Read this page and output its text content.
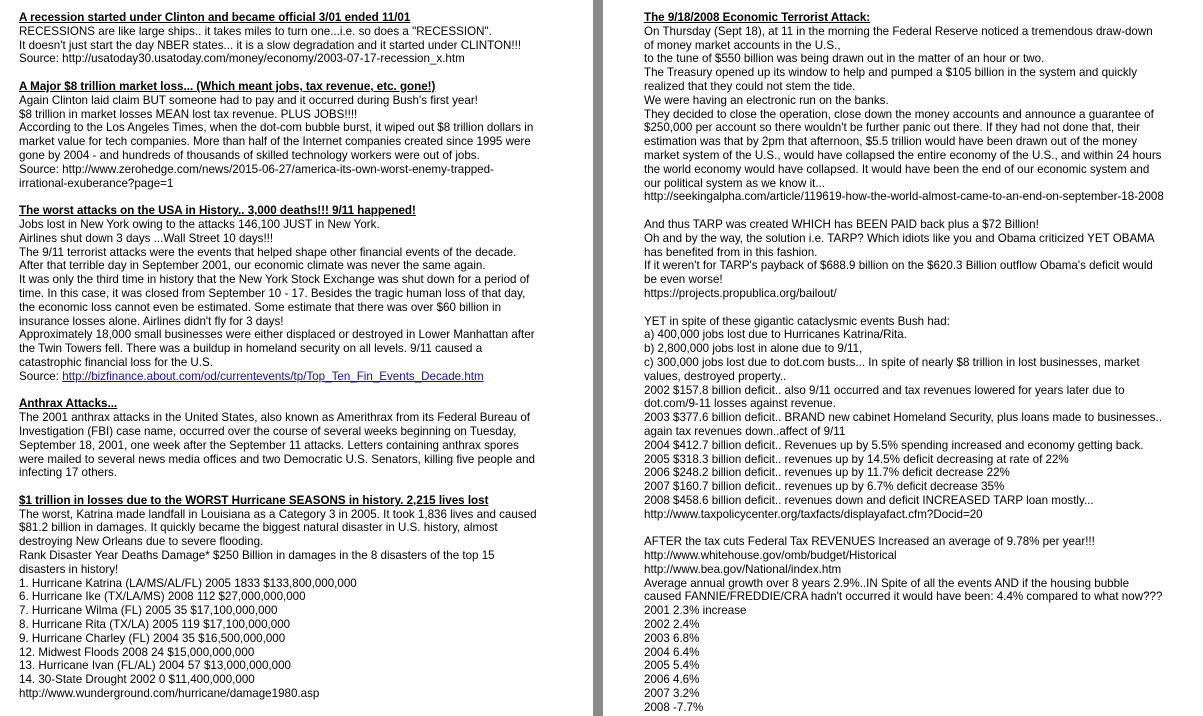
A recession started under Clinton and became official 3/01 ended 11/01
RECESSIONS are like large ships.. it takes miles to turn one...i.e. so does a "RECESSION".
It doesn't just start the day NBER states... it is a slow degradation and it started under CLINTON!!!
Source: http://usatoday30.usatoday.com/money/economy/2003-07-17-recession_x.htm
A Major $8 trillion market loss... (Which meant jobs, tax revenue, etc. gone!)
Again Clinton laid claim BUT someone had to pay and it occurred during Bush's first year!
$8 trillion in market losses MEAN lost tax revenue. PLUS JOBS!!!!
According to the Los Angeles Times, when the dot-com bubble burst, it wiped out $8 trillion dollars in
market value for tech companies. More than half of the Internet companies created since 1995 were
gone by 2004 - and hundreds of thousands of skilled technology workers were out of jobs.
Source: http://www.zerohedge.com/news/2015-06-27/america-its-own-worst-enemy-trapped-
irrational-exuberance?page=1
The worst attacks on the USA in History.. 3,000 deaths!!! 9/11 happened!
Jobs lost in New York owing to the attacks 146,100 JUST in New York.
Airlines shut down 3 days ...Wall Street 10 days!!!
The 9/11 terrorist attacks were the events that helped shape other financial events of the decade.
After that terrible day in September 2001, our economic climate was never the same again.
It was only the third time in history that the New York Stock Exchange was shut down for a period of
time. In this case, it was closed from September 10 - 17. Besides the tragic human loss of that day,
the economic loss cannot even be estimated. Some estimate that there was over $60 billion in
insurance losses alone. Airlines didn't fly for 3 days!
Approximately 18,000 small businesses were either displaced or destroyed in Lower Manhattan after
the Twin Towers fell. There was a buildup in homeland security on all levels. 9/11 caused a
catastrophic financial loss for the U.S.
Source: http://bizfinance.about.com/od/currentevents/tp/Top_Ten_Fin_Events_Decade.htm
Anthrax Attacks...
The 2001 anthrax attacks in the United States, also known as Amerithrax from its Federal Bureau of
Investigation (FBI) case name, occurred over the course of several weeks beginning on Tuesday,
September 18, 2001, one week after the September 11 attacks. Letters containing anthrax spores
were mailed to several news media offices and two Democratic U.S. Senators, killing five people and
infecting 17 others.
$1 trillion in losses due to the WORST Hurricane SEASONS in history. 2,215 lives lost
The worst, Katrina made landfall in Louisiana as a Category 3 in 2005. It took 1,836 lives and caused
$81.2 billion in damages. It quickly became the biggest natural disaster in U.S. history, almost
destroying New Orleans due to severe flooding.
Rank Disaster Year Deaths Damage* $250 Billion in damages in the 8 disasters of the top 15
disasters in history!
1. Hurricane Katrina (LA/MS/AL/FL) 2005 1833 $133,800,000,000
6. Hurricane Ike (TX/LA/MS) 2008 112 $27,000,000,000
7. Hurricane Wilma (FL) 2005 35 $17,100,000,000
8. Hurricane Rita (TX/LA) 2005 119 $17,100,000,000
9. Hurricane Charley (FL) 2004 35 $16,500,000,000
12. Midwest Floods 2008 24 $15,000,000,000
13. Hurricane Ivan (FL/AL) 2004 57 $13,000,000,000
14. 30-State Drought 2002 0 $11,400,000,000
http://www.wunderground.com/hurricane/damage1980.asp
The 9/18/2008 Economic Terrorist Attack:
On Thursday (Sept 18), at 11 in the morning the Federal Reserve noticed a tremendous draw-down
of money market accounts in the U.S.,
to the tune of $550 billion was being drawn out in the matter of an hour or two.
The Treasury opened up its window to help and pumped a $105 billion in the system and quickly
realized that they could not stem the tide.
We were having an electronic run on the banks.
They decided to close the operation, close down the money accounts and announce a guarantee of
$250,000 per account so there wouldn't be further panic out there. If they had not done that, their
estimation was that by 2pm that afternoon, $5.5 trillion would have been drawn out of the money
market system of the U.S., would have collapsed the entire economy of the U.S., and within 24 hours
the world economy would have collapsed. It would have been the end of our economic system and
our political system as we know it...
http://seekingalpha.com/article/119619-how-the-world-almost-came-to-an-end-on-september-18-2008
And thus TARP was created WHICH has BEEN PAID back plus a $72 Billion!
Oh and by the way, the solution i.e. TARP? Which idiots like you and Obama criticized YET OBAMA
has benefited from in this fashion.
If it weren't for TARP's payback of $688.9 billion on the $620.3 Billion outflow Obama's deficit would
be even worse!
https://projects.propublica.org/bailout/
YET in spite of these gigantic cataclysmic events Bush had:
a) 400,000 jobs lost due to Hurricanes Katrina/Rita.
b) 2,800,000 jobs lost in alone due to 9/11,
c) 300,000 jobs lost due to dot.com busts... In spite of nearly $8 trillion in lost businesses, market
values, destroyed property..
2002 $157.8 billion deficit.. also 9/11 occurred and tax revenues lowered for years later due to
dot.com/9-11 losses against revenue.
2003 $377.6 billion deficit.. BRAND new cabinet Homeland Security, plus loans made to businesses..
again tax revenues down..affect of 9/11
2004 $412.7 billion deficit.. Revenues up by 5.5% spending increased and economy getting back.
2005 $318.3 billion deficit.. revenues up by 14.5% deficit decreasing at rate of 22%
2006 $248.2 billion deficit.. revenues up by 11.7% deficit decrease 22%
2007 $160.7 billion deficit.. revenues up by 6.7% deficit decrease 35%
2008 $458.6 billion deficit.. revenues down and deficit INCREASED TARP loan mostly...
http://www.taxpolicycenter.org/taxfacts/displayafact.cfm?Docid=20
AFTER the tax cuts Federal Tax REVENUES Increased an average of 9.78% per year!!!
http://www.whitehouse.gov/omb/budget/Historical
http://www.bea.gov/National/index.htm
Average annual growth over 8 years 2.9%..IN Spite of all the events AND if the housing bubble
caused FANNIE/FREDDIE/CRA hadn't occurred it would have been: 4.4% compared to what now???
2001 2.3% increase
2002 2.4%
2003 6.8%
2004 6.4%
2005 5.4%
2006 4.6%
2007 3.2%
2008 -7.7%
